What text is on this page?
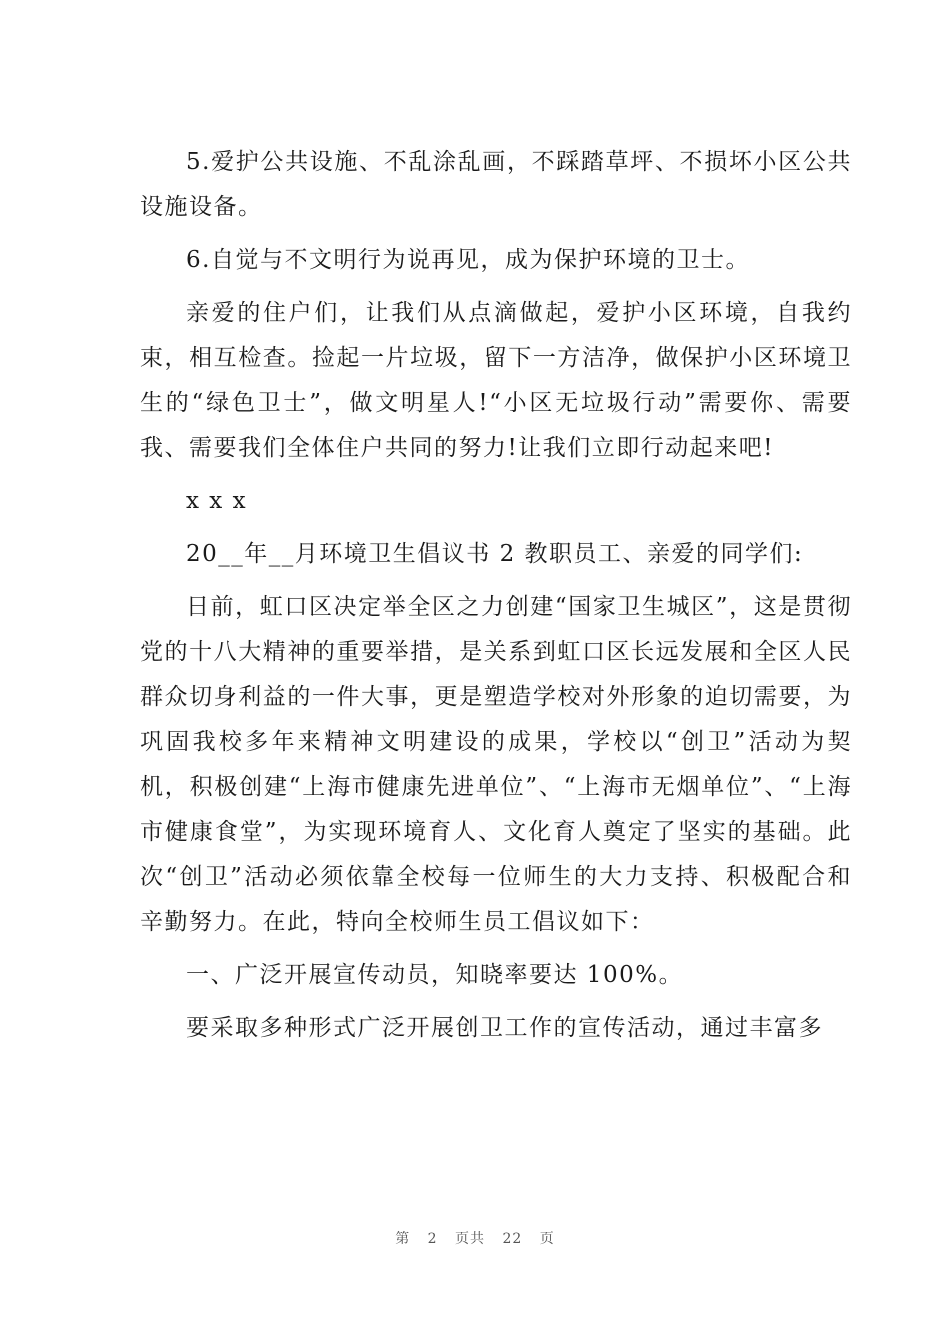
5.爱护公共设施、不乱涂乱画，不踩踏草坪、不损坏小区公共设施设备。

6.自觉与不文明行为说再见，成为保护环境的卫士。

亲爱的住户们，让我们从点滴做起，爱护小区环境，自我约束，相互检查。捡起一片垃圾，留下一方洁净，做保护小区环境卫生的“绿色卫士”，做文明星人!“小区无垃圾行动”需要你、需要我、需要我们全体住户共同的努力!让我们立即行动起来吧!

x x x

20__年__月环境卫生倡议书 2 教职员工、亲爱的同学们:

日前，虹口区决定举全区之力创建“国家卫生城区”，这是贯彻党的十八大精神的重要举措，是关系到虹口区长远发展和全区人民群众切身利益的一件大事，更是塑造学校对外形象的迫切需要，为巩固我校多年来精神文明建设的成果，学校以“创卫”活动为契机，积极创建“上海市健康先进单位”、“上海市无烟单位”、“上海市健康食堂”，为实现环境育人、文化育人奠定了坚实的基础。此次“创卫”活动必须依靠全校每一位师生的大力支持、积极配合和辛勤努力。在此，特向全校师生员工倡议如下：

一、广泛开展宣传动员，知晓率要达 100%。

要采取多种形式广泛开展创卫工作的宣传活动，通过丰富多

第 2 页共 22 页
